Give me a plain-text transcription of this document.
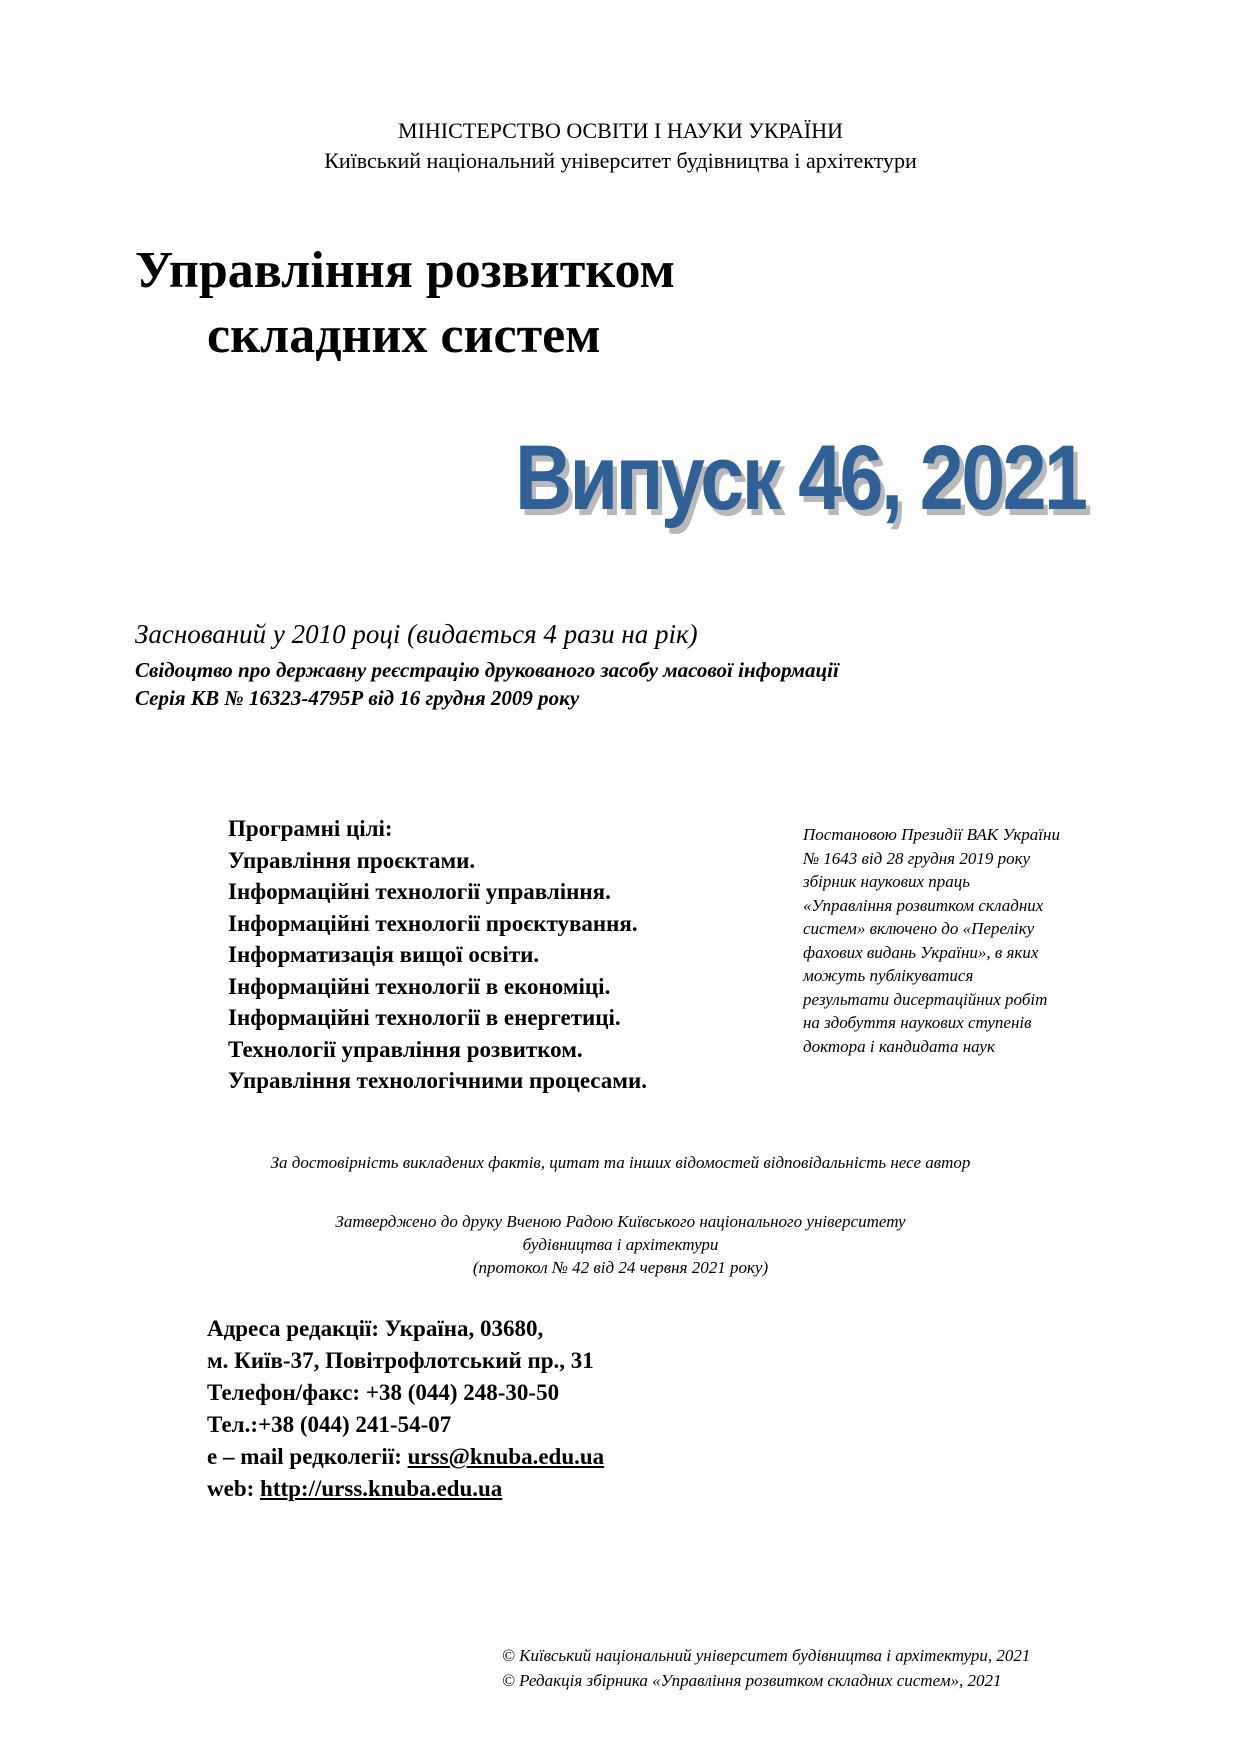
МІНІСТЕРСТВО ОСВІТИ І НАУКИ УКРАЇНИ
Київський національний університет будівництва і архітектури
Управління розвитком
складних систем
Випуск 46, 2021
Заснований у 2010 році (видається 4 рази на рік)
Свідоцтво про державну реєстрацію друкованого засобу масової інформації
Серія КВ № 16323-4795Р від 16 грудня 2009 року
Програмні цілі:
Управління проєктами.
Інформаційні технології управління.
Інформаційні технології проєктування.
Інформатизація вищої освіти.
Інформаційні технології в економіці.
Інформаційні технології в енергетиці.
Технології управління розвитком.
Управління технологічними процесами.
Постановою Президії ВАК України
№ 1643 від 28 грудня 2019 року
збірник наукових праць
«Управління розвитком складних
систем» включено до «Переліку
фахових видань України», в яких
можуть публікуватися
результати дисертаційних робіт
на здобуття наукових ступенів
доктора і кандидата наук
За достовірність викладених фактів, цитат та інших відомостей відповідальність несе автор
Затверджено до друку Вченою Радою Київського національного університету
будівництва і архітектури
(протокол № 42 від 24 червня 2021 року)
Адреса редакції: Україна, 03680,
м. Київ-37, Повітрофлотський пр., 31
Телефон/факс: +38 (044) 248-30-50
Тел.:+38 (044) 241-54-07
e – mail редколегії: urss@knuba.edu.ua
web: http://urss.knuba.edu.ua
© Київський національний університет будівництва і архітектури, 2021
© Редакція збірника «Управління розвитком складних систем», 2021
